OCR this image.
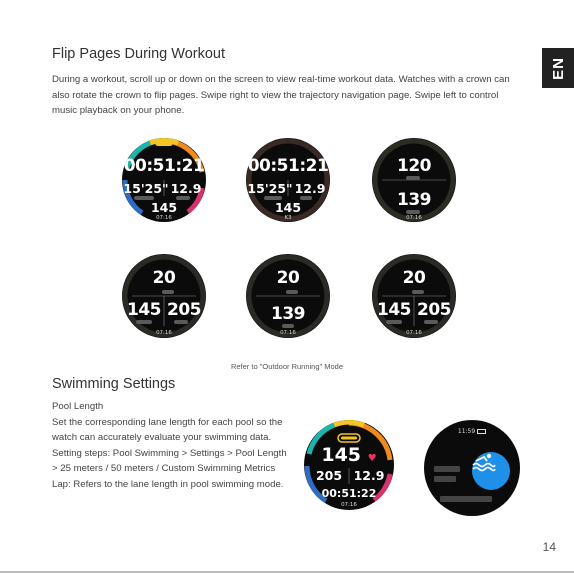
EN
Flip Pages During Workout
During a workout, scroll up or down on the screen to view real-time workout data. Watches with a crown can also rotate the crown to flip pages. Swipe right to view the trajectory navigation page. Swipe left to control music playback on your phone.
00:51:21
15'25" 12.9
145
07:16
00:51:21
15'25" 12.9
145
K3
120
139
07:16
20
145 205
07:16
20
139
07:16
20
145 205
07:16
Refer to "Outdoor Running" Mode
Swimming Settings
Pool Length
Set the corresponding lane length for each pool so the watch can accurately evaluate your swimming data.
Setting steps: Pool Swimming > Settings > Pool Length > 25 meters / 50 meters / Custom Swimming Metrics
Lap: Refers to the lane length in pool swimming mode.
145 ♥
205 12.9
00:51:22
07:16
11:59
14
